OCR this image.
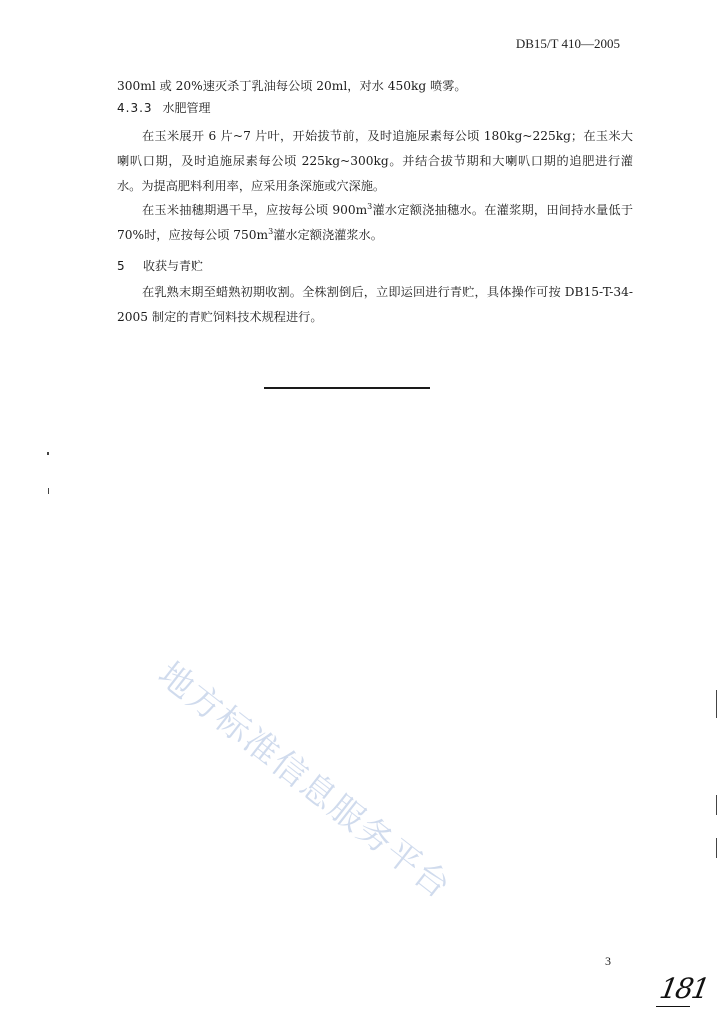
DB15/T 410—2005

300ml 或 20%速灭杀丁乳油每公顷 20ml，对水 450kg 喷雾。

4.3.3 水肥管理

在玉米展开 6 片~7 片叶，开始拔节前，及时追施尿素每公顷 180kg~225kg；在玉米大喇叭口期，及时追施尿素每公顷 225kg~300kg。并结合拔节期和大喇叭口期的追肥进行灌水。为提高肥料利用率，应采用条深施或穴深施。

在玉米抽穗期遇干旱，应按每公顷 $900m^3$灌水定额浇抽穗水。在灌浆期，田间持水量低于 70%时，应按每公顷 $750m^3$灌水定额浇灌浆水。

5 收获与青贮

在乳熟末期至蜡熟初期收割。全株割倒后，立即运回进行青贮，具体操作可按 DB15-T-34-2005 制定的青贮饲料技术规程进行。

地方标准信息服务平台
3
181
